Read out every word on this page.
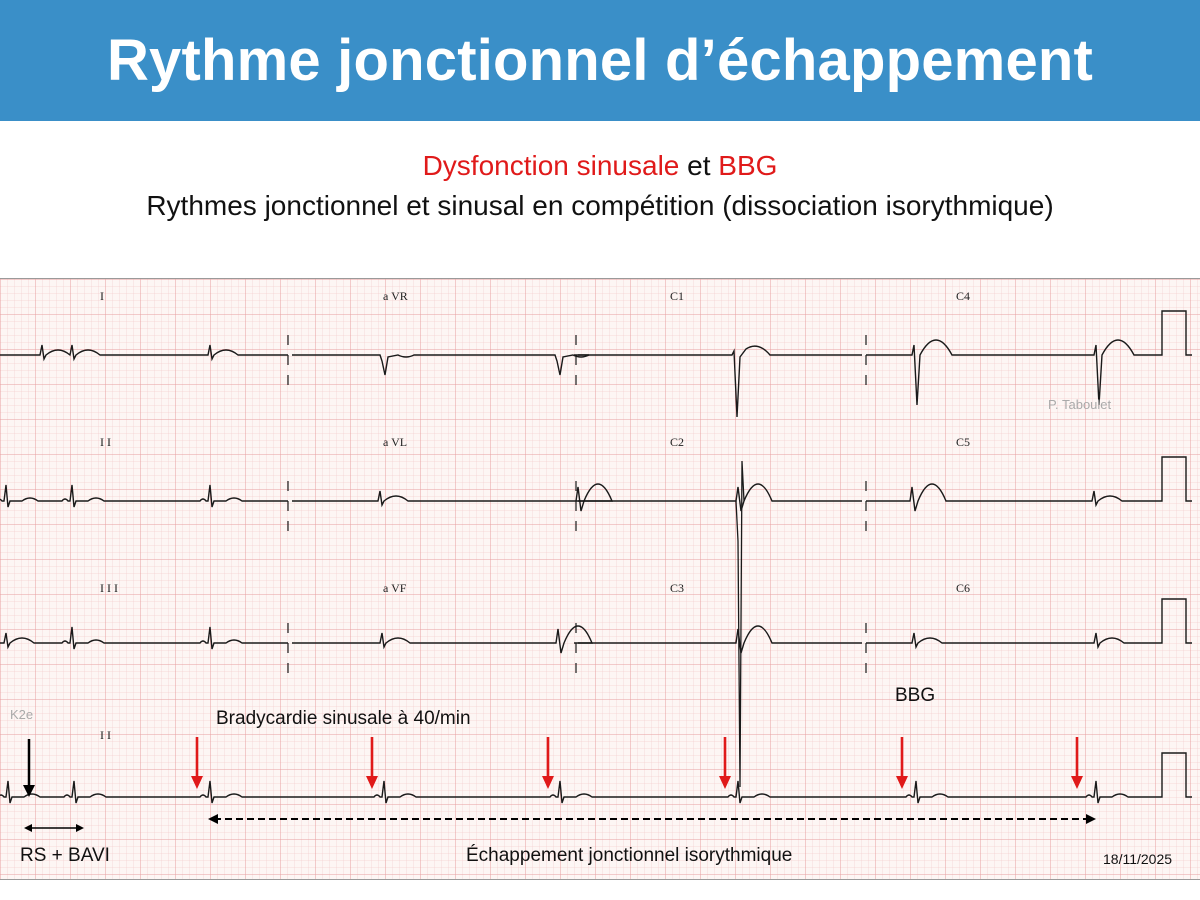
Rythme jonctionnel d’échappement
Dysfonction sinusale et BBG
Rythmes jonctionnel et sinusal en compétition (dissociation isorythmique)
I	a VR	C1	C4
I I	a VL	C2	C5
I I I	a VF	C3	C6
I I
P. Taboulet
K2e	Bradycardie sinusale à 40/min
BBG
RS + BAVI	Échappement jonctionnel isorythmique	18/11/2025
